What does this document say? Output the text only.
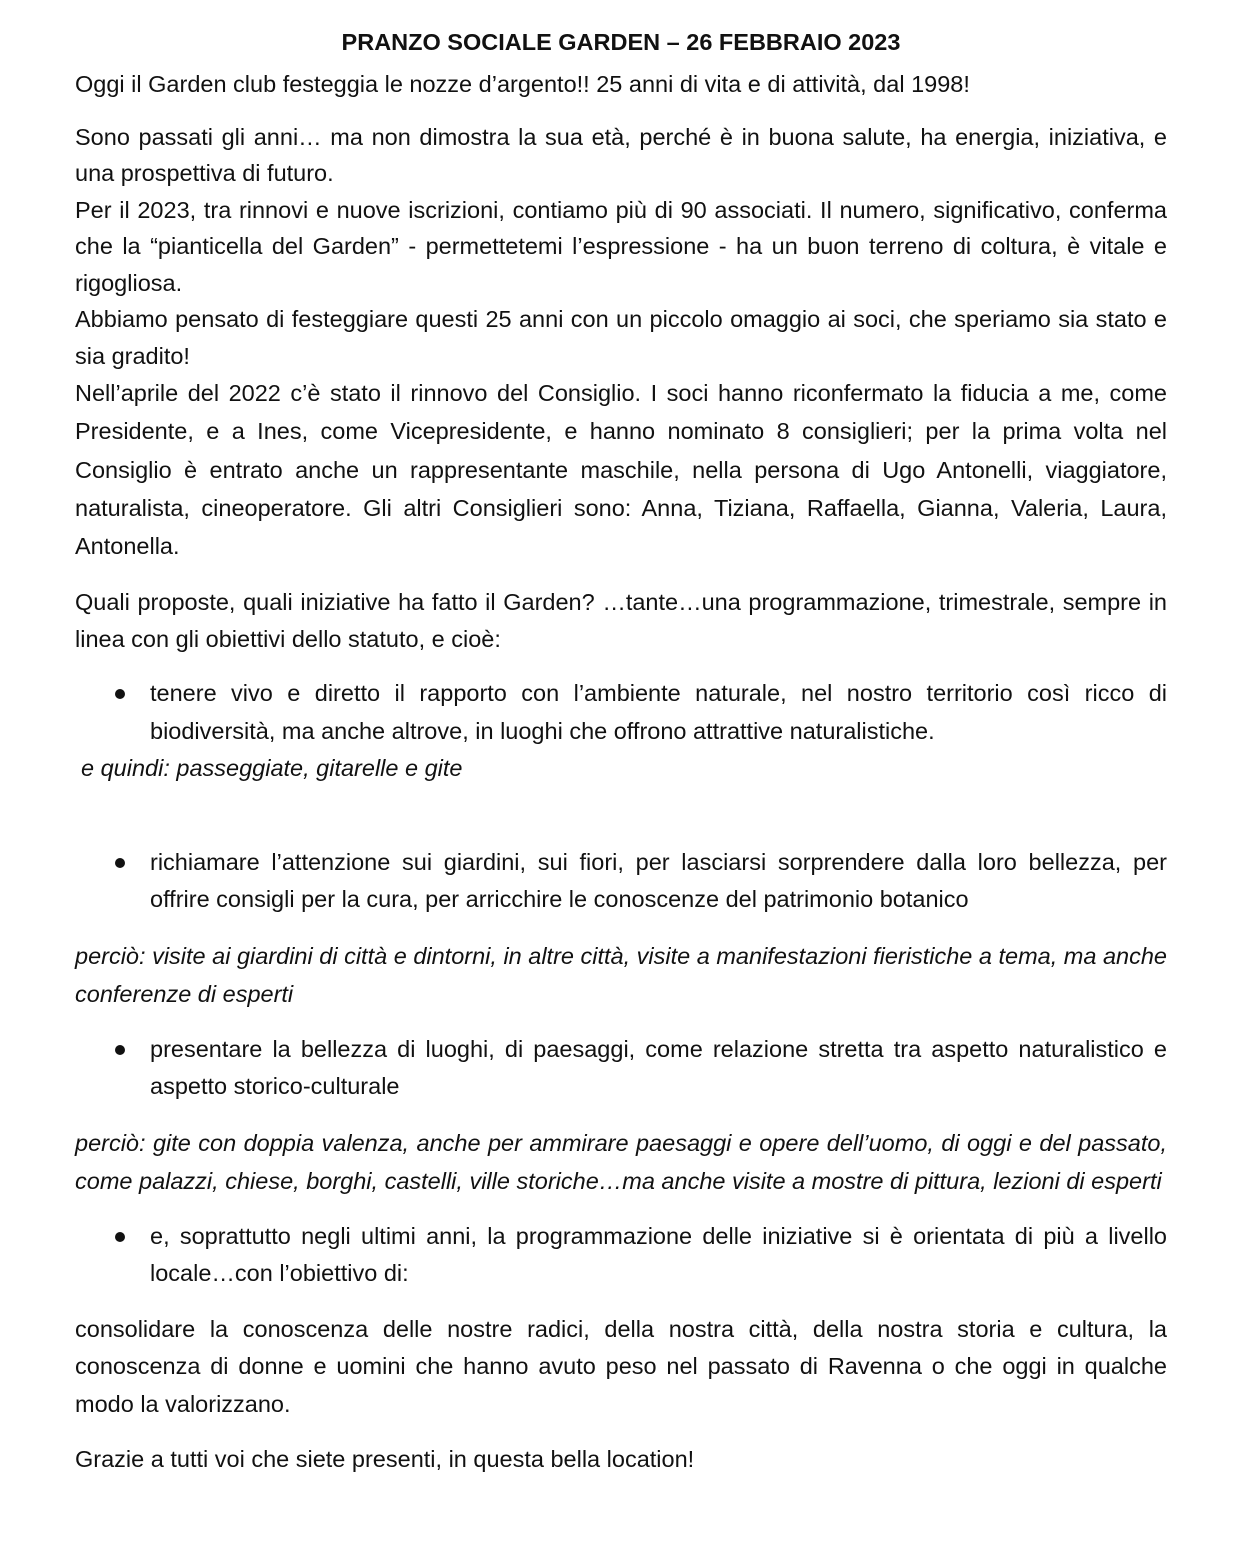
PRANZO SOCIALE GARDEN – 26 FEBBRAIO 2023

Oggi il Garden club festeggia le nozze d’argento!! 25 anni di vita e di attività, dal 1998!

Sono passati gli anni… ma non dimostra la sua età, perché è in buona salute, ha energia, iniziativa, e una prospettiva di futuro.

Per il 2023, tra rinnovi e nuove iscrizioni, contiamo più di 90 associati. Il numero, significativo, conferma che la “pianticella del Garden” - permettetemi l’espressione - ha un buon terreno di coltura, è vitale e rigogliosa.

Abbiamo pensato di festeggiare questi 25 anni con un piccolo omaggio ai soci, che speriamo sia stato e sia gradito!

Nell’aprile del 2022 c’è stato il rinnovo del Consiglio. I soci hanno riconfermato la fiducia a me, come Presidente, e a Ines, come Vicepresidente, e hanno nominato 8 consiglieri; per la prima volta nel Consiglio è entrato anche un rappresentante maschile, nella persona di Ugo Antonelli, viaggiatore, naturalista, cineoperatore. Gli altri Consiglieri sono: Anna, Tiziana, Raffaella, Gianna, Valeria, Laura, Antonella.

Quali proposte, quali iniziative ha fatto il Garden? …tante…una programmazione, trimestrale, sempre in linea con gli obiettivi dello statuto, e cioè:

tenere vivo e diretto il rapporto con l’ambiente naturale, nel nostro territorio così ricco di biodiversità, ma anche altrove, in luoghi che offrono attrattive naturalistiche.

e quindi: passeggiate, gitarelle e gite

richiamare l’attenzione sui giardini, sui fiori, per lasciarsi sorprendere dalla loro bellezza, per offrire consigli per la cura, per arricchire le conoscenze del patrimonio botanico

perciò: visite ai giardini di città e dintorni, in altre città, visite a manifestazioni fieristiche a tema, ma anche conferenze di esperti

presentare la bellezza di luoghi, di paesaggi, come relazione stretta tra aspetto naturalistico e aspetto storico-culturale

perciò: gite con doppia valenza, anche per ammirare paesaggi e opere dell’uomo, di oggi e del passato, come palazzi, chiese, borghi, castelli, ville storiche…ma anche visite a mostre di pittura, lezioni di esperti

e, soprattutto negli ultimi anni, la programmazione delle iniziative si è orientata di più a livello locale…con l’obiettivo di:

consolidare la conoscenza delle nostre radici, della nostra città, della nostra storia e cultura, la conoscenza di donne e uomini che hanno avuto peso nel passato di Ravenna o che oggi in qualche modo la valorizzano.

Grazie a tutti voi che siete presenti, in questa bella location!
